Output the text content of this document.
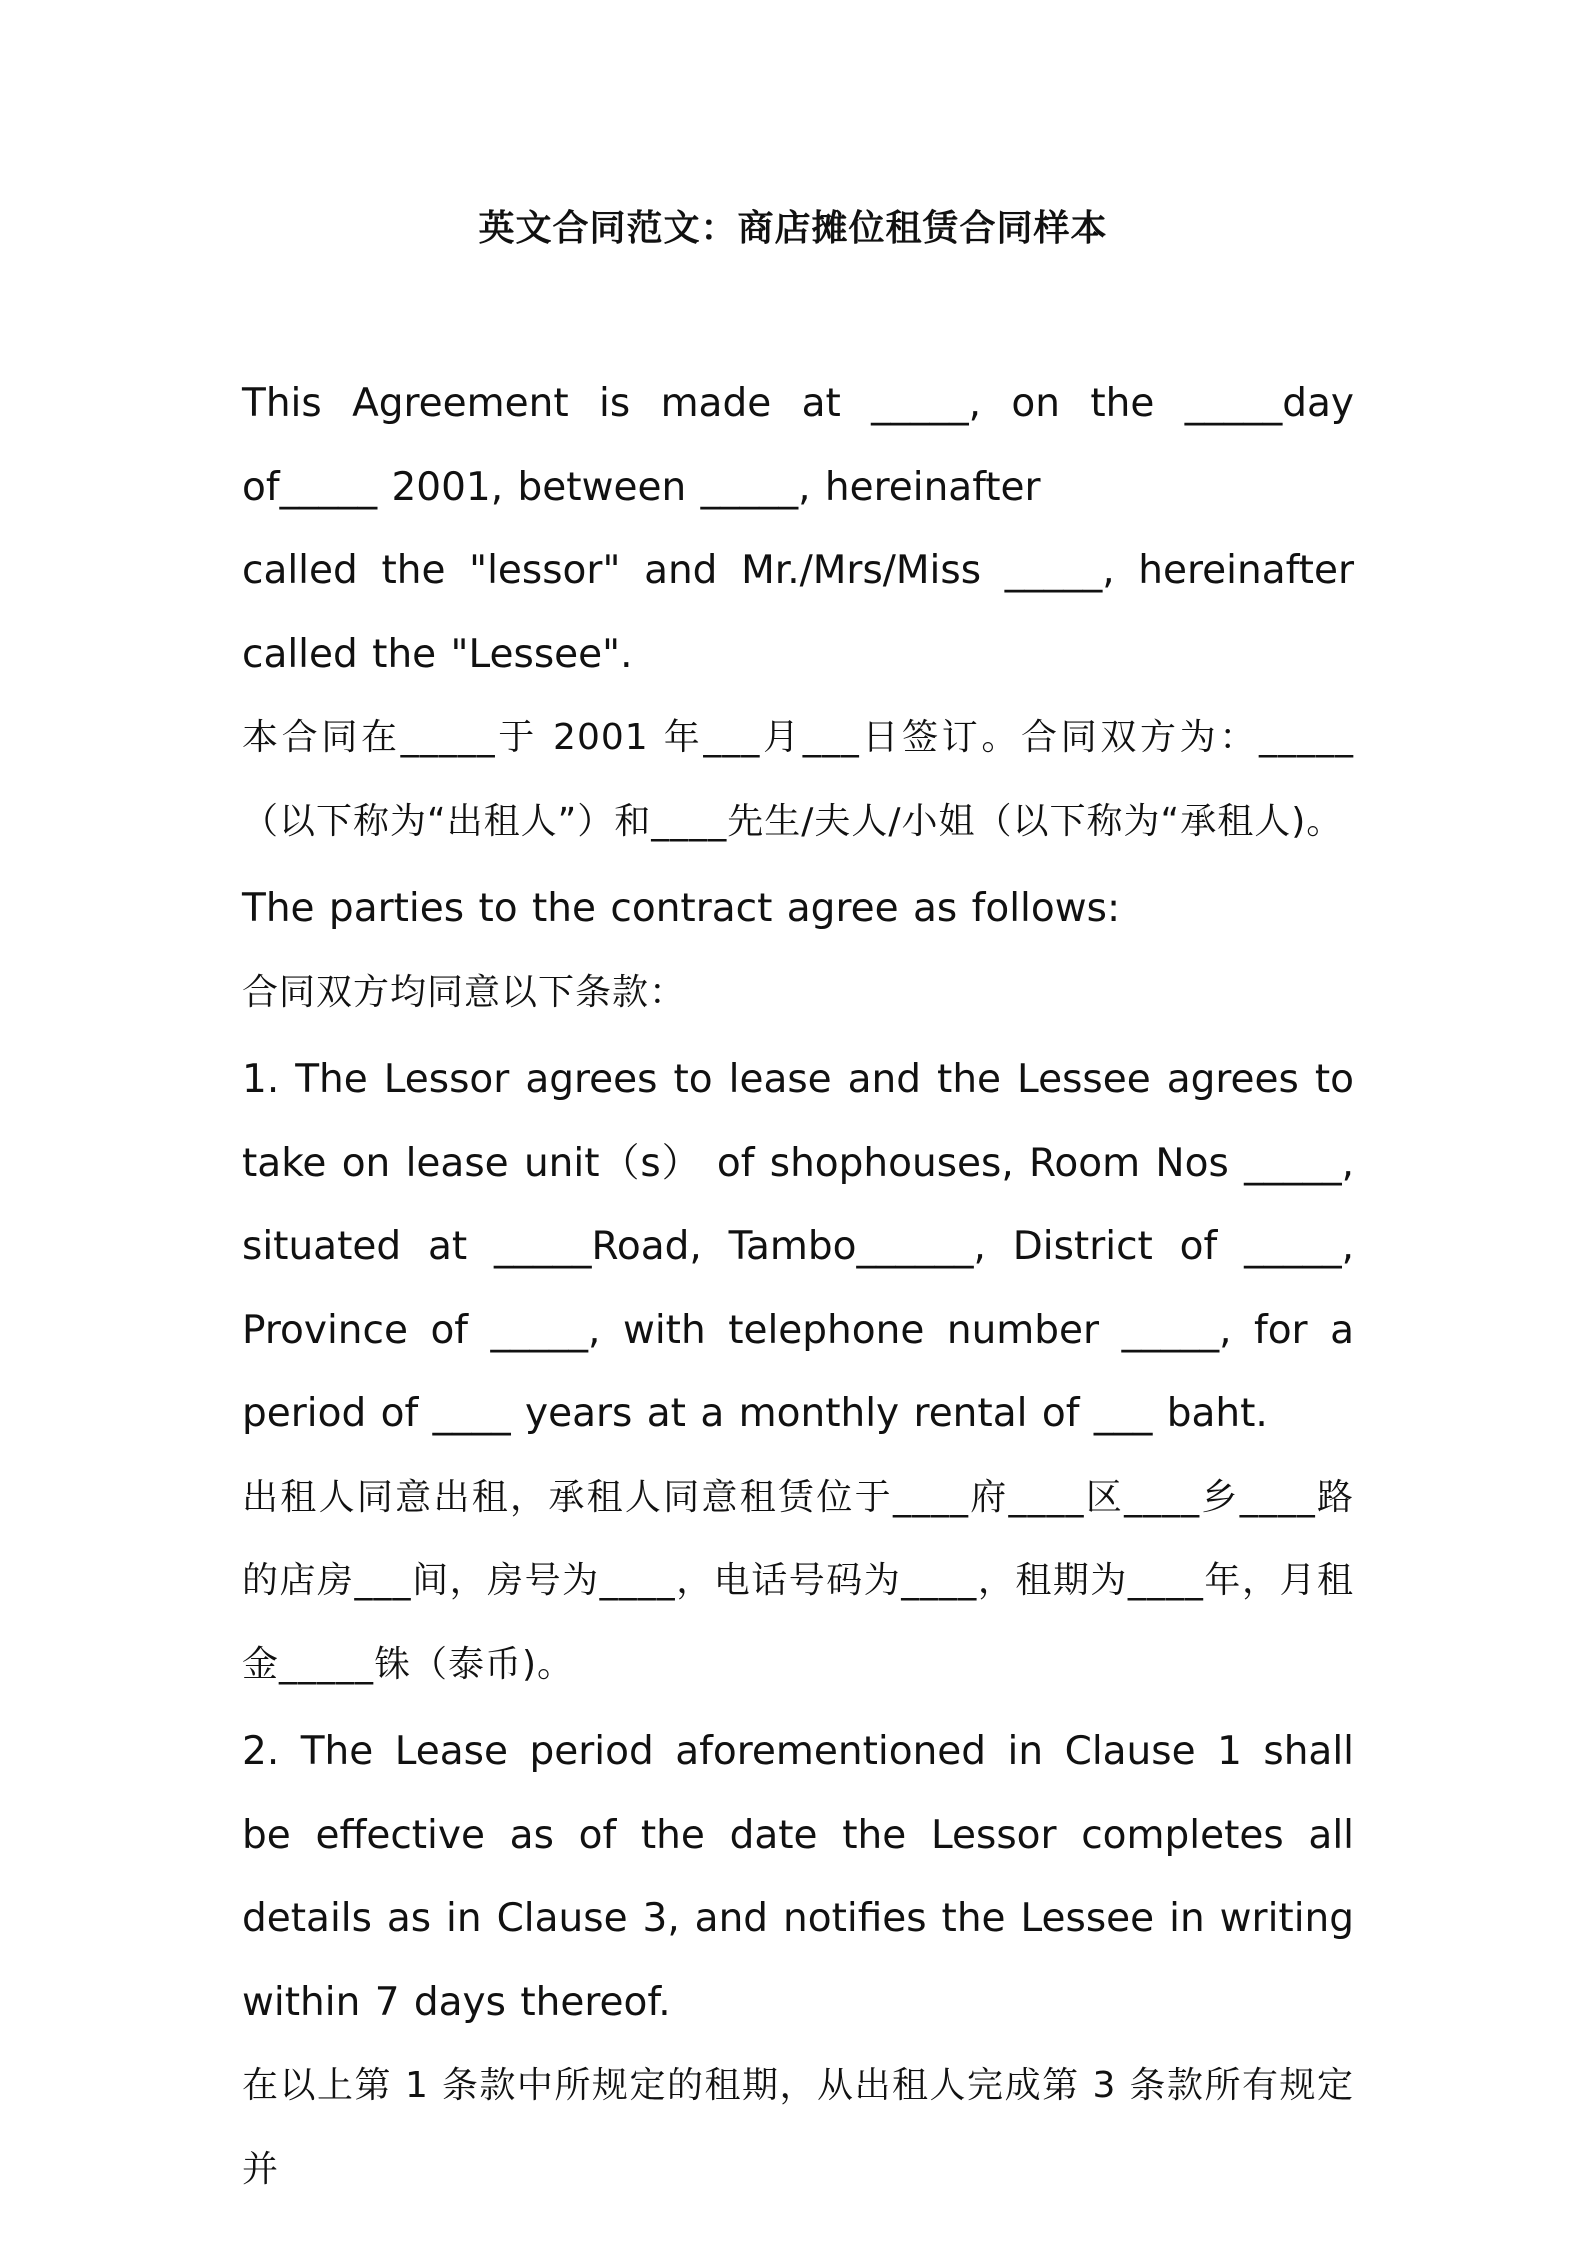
英文合同范文：商店摊位租赁合同样本

This Agreement is made at _____, on the _____day of_____ 2001, between _____, hereinafter

called the "lessor" and Mr./Mrs/Miss _____, hereinafter called the "Lessee".

本合同在_____于 2001 年___月___日签订。合同双方为：_____（以下称为“出租人”）和____先生/夫人/小姐（以下称为“承租人)。

The parties to the contract agree as follows:

合同双方均同意以下条款：

1. The Lessor agrees to lease and the Lessee agrees to take on lease unit（s） of shophouses, Room Nos _____, situated at _____Road, Tambo______, District of _____, Province of _____, with telephone number _____, for a period of ____ years at a monthly rental of ___ baht.

出租人同意出租，承租人同意租赁位于____府____区____乡____路的店房___间，房号为____，电话号码为____，租期为____年，月租金_____铢（泰币)。

2. The Lease period aforementioned in Clause 1 shall be effective as of the date the Lessor completes all details as in Clause 3, and notifies the Lessee in writing within 7 days thereof.

在以上第 1 条款中所规定的租期，从出租人完成第 3 条款所有规定并
